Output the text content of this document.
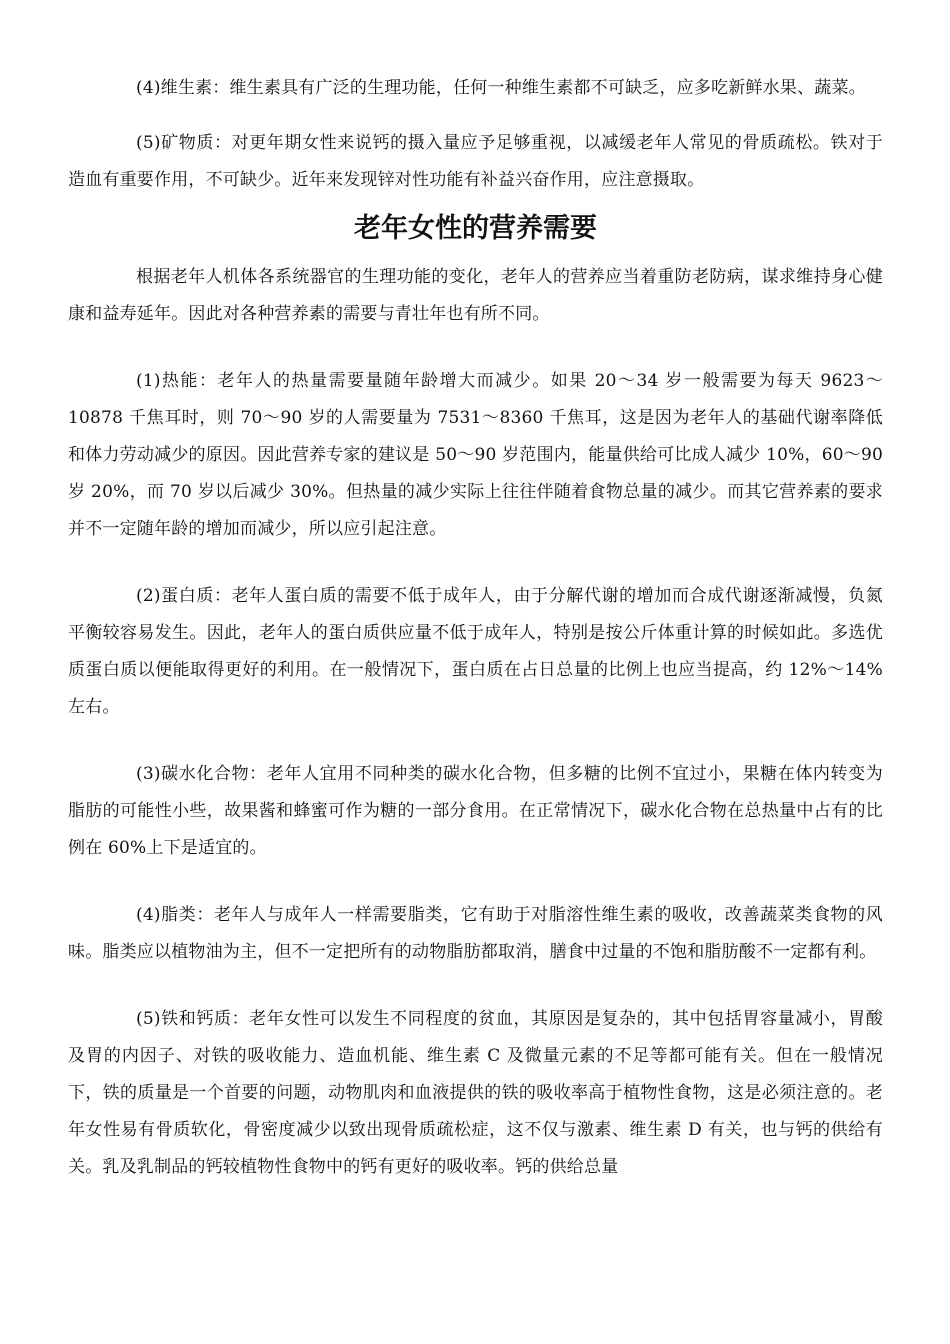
(4)维生素：维生素具有广泛的生理功能，任何一种维生素都不可缺乏，应多吃新鲜水果、蔬菜。

(5)矿物质：对更年期女性来说钙的摄入量应予足够重视，以减缓老年人常见的骨质疏松。铁对于造血有重要作用，不可缺少。近年来发现锌对性功能有补益兴奋作用，应注意摄取。

老年女性的营养需要

根据老年人机体各系统器官的生理功能的变化，老年人的营养应当着重防老防病，谋求维持身心健康和益寿延年。因此对各种营养素的需要与青壮年也有所不同。

(1)热能：老年人的热量需要量随年龄增大而减少。如果 20～34 岁一般需要为每天 9623～10878 千焦耳时，则 70～90 岁的人需要量为 7531～8360 千焦耳，这是因为老年人的基础代谢率降低和体力劳动减少的原因。因此营养专家的建议是 50～90 岁范围内，能量供给可比成人减少 10%，60～90 岁 20%，而 70 岁以后减少 30%。但热量的减少实际上往往伴随着食物总量的减少。而其它营养素的要求并不一定随年龄的增加而减少，所以应引起注意。

(2)蛋白质：老年人蛋白质的需要不低于成年人，由于分解代谢的增加而合成代谢逐渐减慢，负氮平衡较容易发生。因此，老年人的蛋白质供应量不低于成年人，特别是按公斤体重计算的时候如此。多选优质蛋白质以便能取得更好的利用。在一般情况下，蛋白质在占日总量的比例上也应当提高，约 12%～14%左右。

(3)碳水化合物：老年人宜用不同种类的碳水化合物，但多糖的比例不宜过小，果糖在体内转变为脂肪的可能性小些，故果酱和蜂蜜可作为糖的一部分食用。在正常情况下，碳水化合物在总热量中占有的比例在 60%上下是适宜的。

(4)脂类：老年人与成年人一样需要脂类，它有助于对脂溶性维生素的吸收，改善蔬菜类食物的风味。脂类应以植物油为主，但不一定把所有的动物脂肪都取消，膳食中过量的不饱和脂肪酸不一定都有利。

(5)铁和钙质：老年女性可以发生不同程度的贫血，其原因是复杂的，其中包括胃容量减小，胃酸及胃的内因子、对铁的吸收能力、造血机能、维生素 C 及微量元素的不足等都可能有关。但在一般情况下，铁的质量是一个首要的问题，动物肌肉和血液提供的铁的吸收率高于植物性食物，这是必须注意的。老年女性易有骨质软化，骨密度减少以致出现骨质疏松症，这不仅与激素、维生素 D 有关，也与钙的供给有关。乳及乳制品的钙较植物性食物中的钙有更好的吸收率。钙的供给总量
